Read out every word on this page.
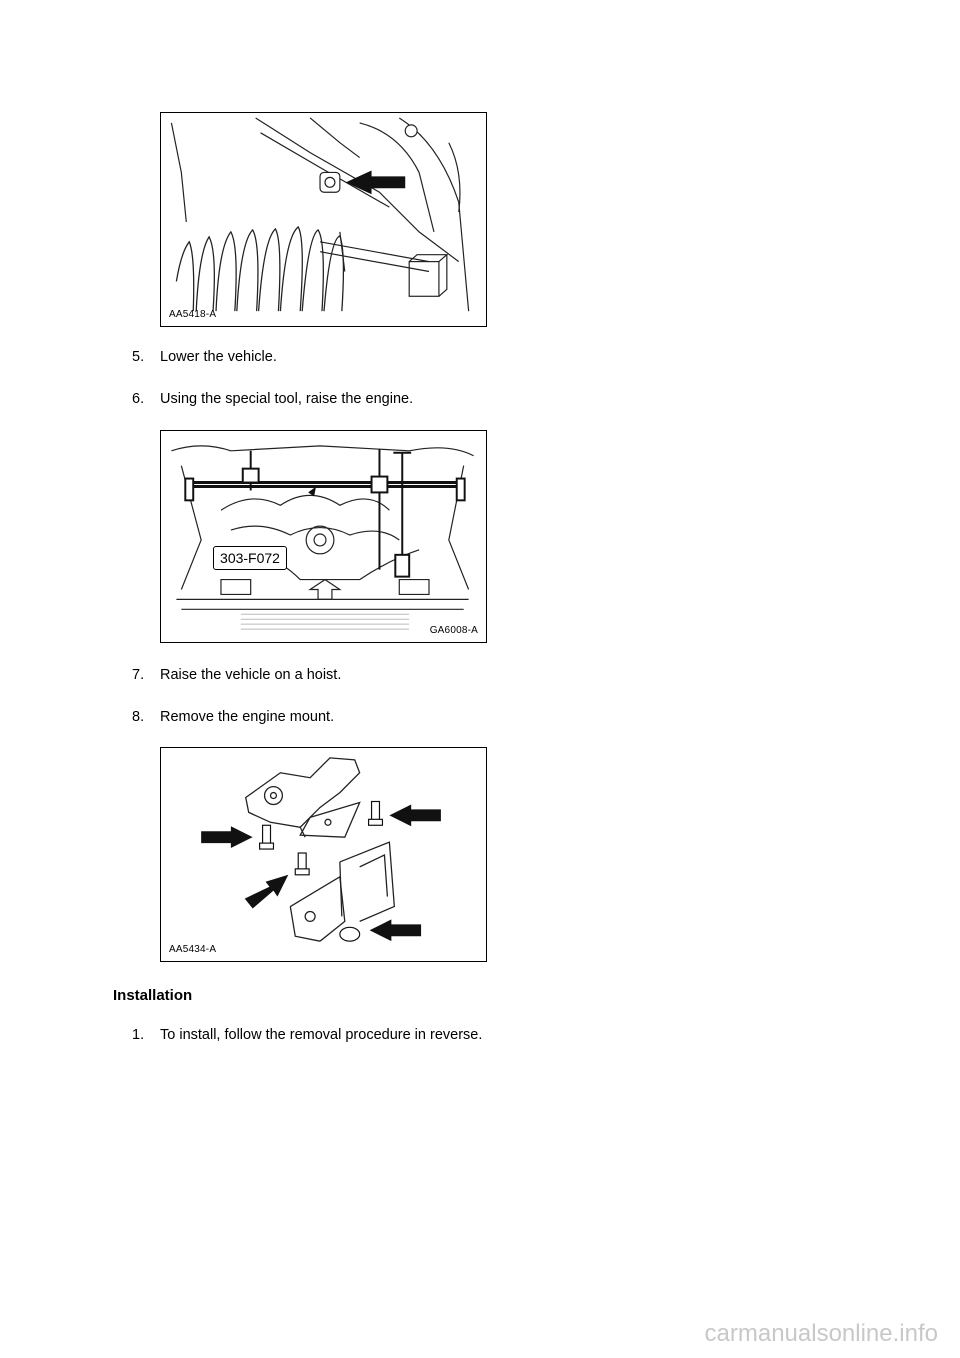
AA5418-A
5. Lower the vehicle.
6. Using the special tool, raise the engine.
303-F072
GA6008-A
7. Raise the vehicle on a hoist.
8. Remove the engine mount.
AA5434-A
Installation
1. To install, follow the removal procedure in reverse.
carmanualsonline.info
